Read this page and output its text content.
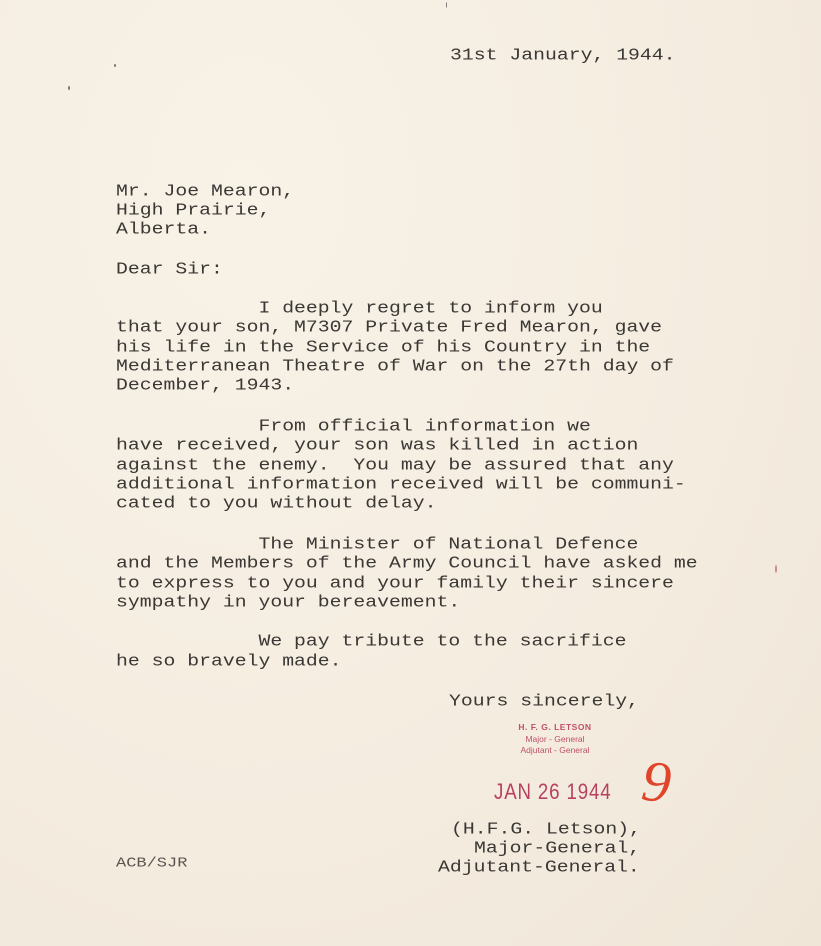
31st January, 1944.
Mr. Joe Mearon,
High Prairie,
Alberta.
Dear Sir:
I deeply regret to inform you
that your son, M7307 Private Fred Mearon, gave
his life in the Service of his Country in the
Mediterranean Theatre of War on the 27th day of
December, 1943.
From official information we
have received, your son was killed in action
against the enemy.  You may be assured that any
additional information received will be communi-
cated to you without delay.
The Minister of National Defence
and the Members of the Army Council have asked me
to express to you and your family their sincere
sympathy in your bereavement.
We pay tribute to the sacrifice
he so bravely made.
Yours sincerely,
H. F. G. LETSON
Major - General
Adjutant - General
JAN 26 1944 9
(H.F.G. Letson),
Major-General,
Adjutant-General.
ACB/SJR
